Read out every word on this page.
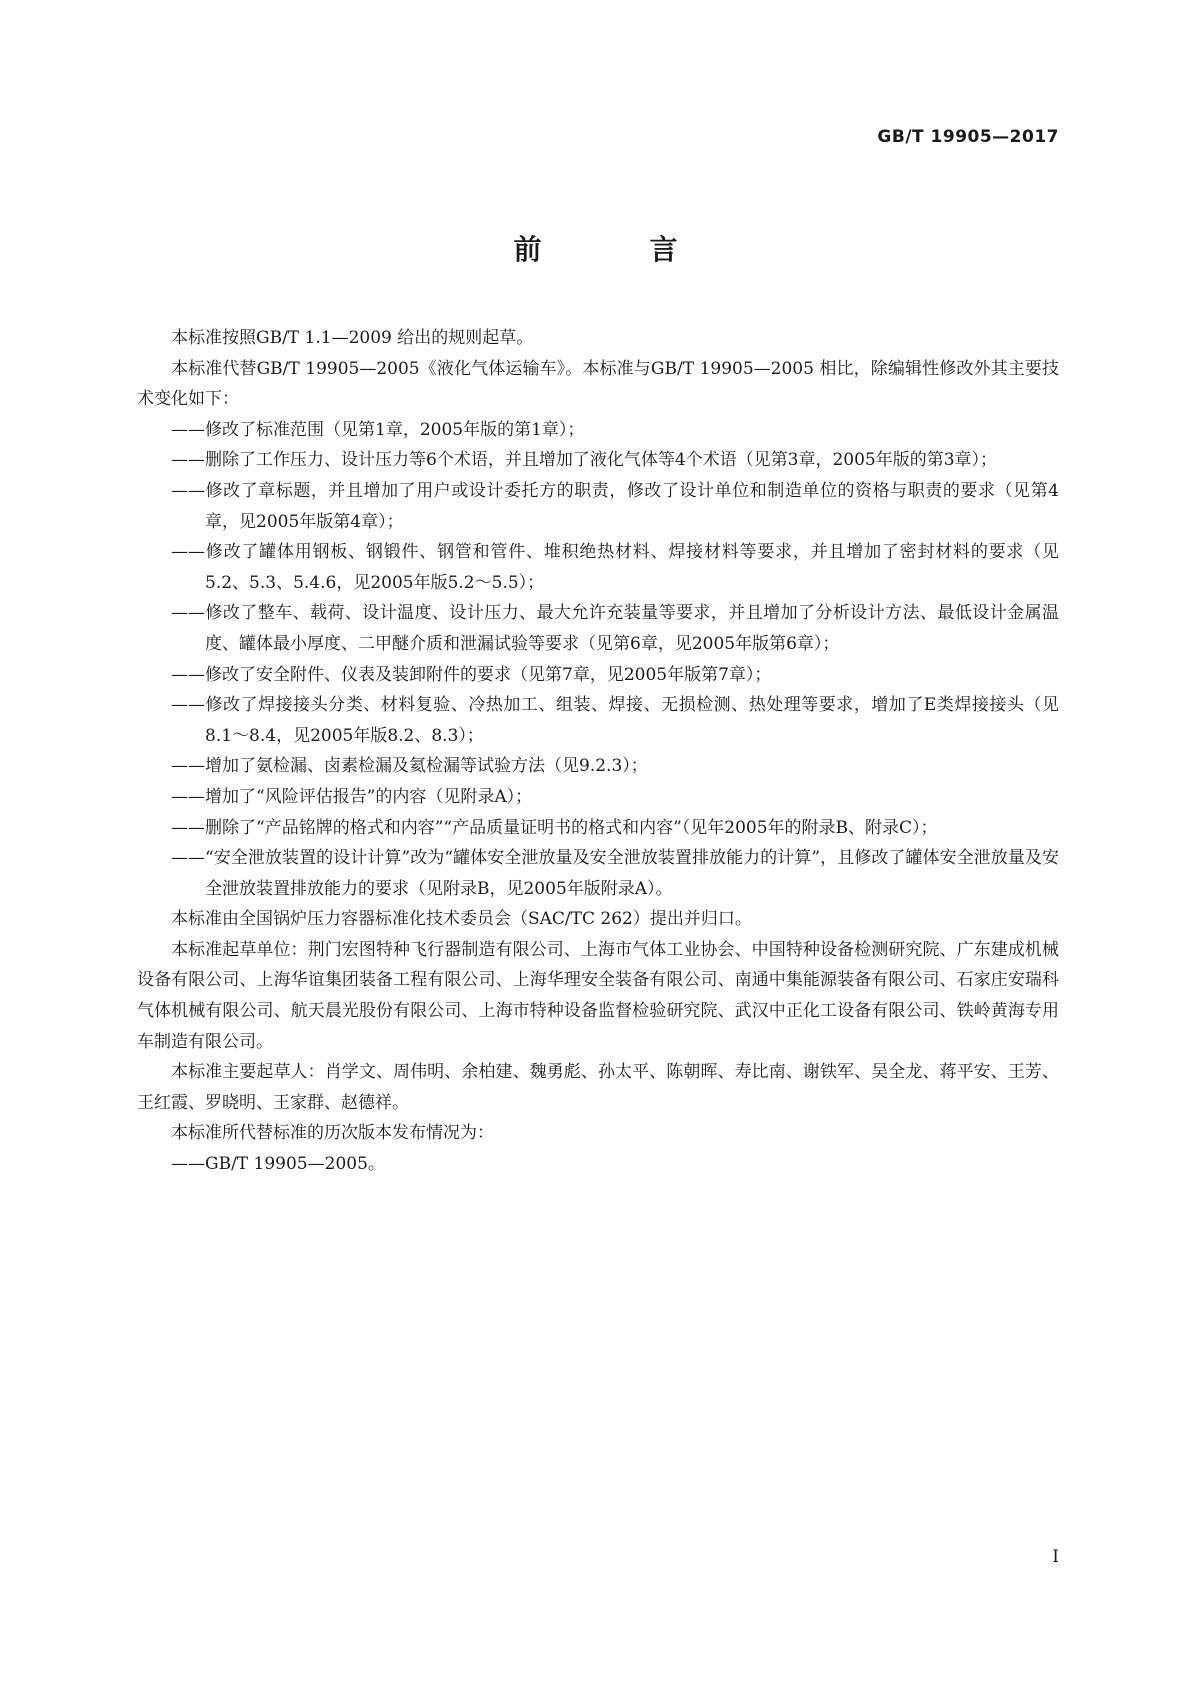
GB/T 19905—2017

前　言

本标准按照GB/T 1.1—2009 给出的规则起草。

本标准代替GB/T 19905—2005《液化气体运输车》。本标准与GB/T 19905—2005 相比，除编辑性修改外其主要技术变化如下：

——修改了标准范围（见第1章，2005年版的第1章）；

——删除了工作压力、设计压力等6个术语，并且增加了液化气体等4个术语（见第3章，2005年版的第3章）；

——修改了章标题，并且增加了用户或设计委托方的职责，修改了设计单位和制造单位的资格与职责的要求（见第4章，见2005年版第4章）；

——修改了罐体用钢板、钢锻件、钢管和管件、堆积绝热材料、焊接材料等要求，并且增加了密封材料的要求（见5.2、5.3、5.4.6，见2005年版5.2～5.5）；

——修改了整车、载荷、设计温度、设计压力、最大允许充装量等要求，并且增加了分析设计方法、最低设计金属温度、罐体最小厚度、二甲醚介质和泄漏试验等要求（见第6章，见2005年版第6章）；

——修改了安全附件、仪表及装卸附件的要求（见第7章，见2005年版第7章）；

——修改了焊接接头分类、材料复验、冷热加工、组装、焊接、无损检测、热处理等要求，增加了E类焊接接头（见8.1～8.4，见2005年版8.2、8.3）；

——增加了氨检漏、卤素检漏及氦检漏等试验方法（见9.2.3）；

——增加了“风险评估报告”的内容（见附录A）；

——删除了“产品铭牌的格式和内容”“产品质量证明书的格式和内容”（见年2005年的附录B、附录C）；

——“安全泄放装置的设计计算”改为“罐体安全泄放量及安全泄放装置排放能力的计算”，且修改了罐体安全泄放量及安全泄放装置排放能力的要求（见附录B，见2005年版附录A）。

本标准由全国锅炉压力容器标准化技术委员会（SAC/TC 262）提出并归口。

本标准起草单位：荆门宏图特种飞行器制造有限公司、上海市气体工业协会、中国特种设备检测研究院、广东建成机械设备有限公司、上海华谊集团装备工程有限公司、上海华理安全装备有限公司、南通中集能源装备有限公司、石家庄安瑞科气体机械有限公司、航天晨光股份有限公司、上海市特种设备监督检验研究院、武汉中正化工设备有限公司、铁岭黄海专用车制造有限公司。

本标准主要起草人：肖学文、周伟明、余柏建、魏勇彪、孙太平、陈朝晖、寿比南、谢铁军、吴全龙、蒋平安、王芳、王红霞、罗晓明、王家群、赵德祥。

本标准所代替标准的历次版本发布情况为：

——GB/T 19905—2005。

I
